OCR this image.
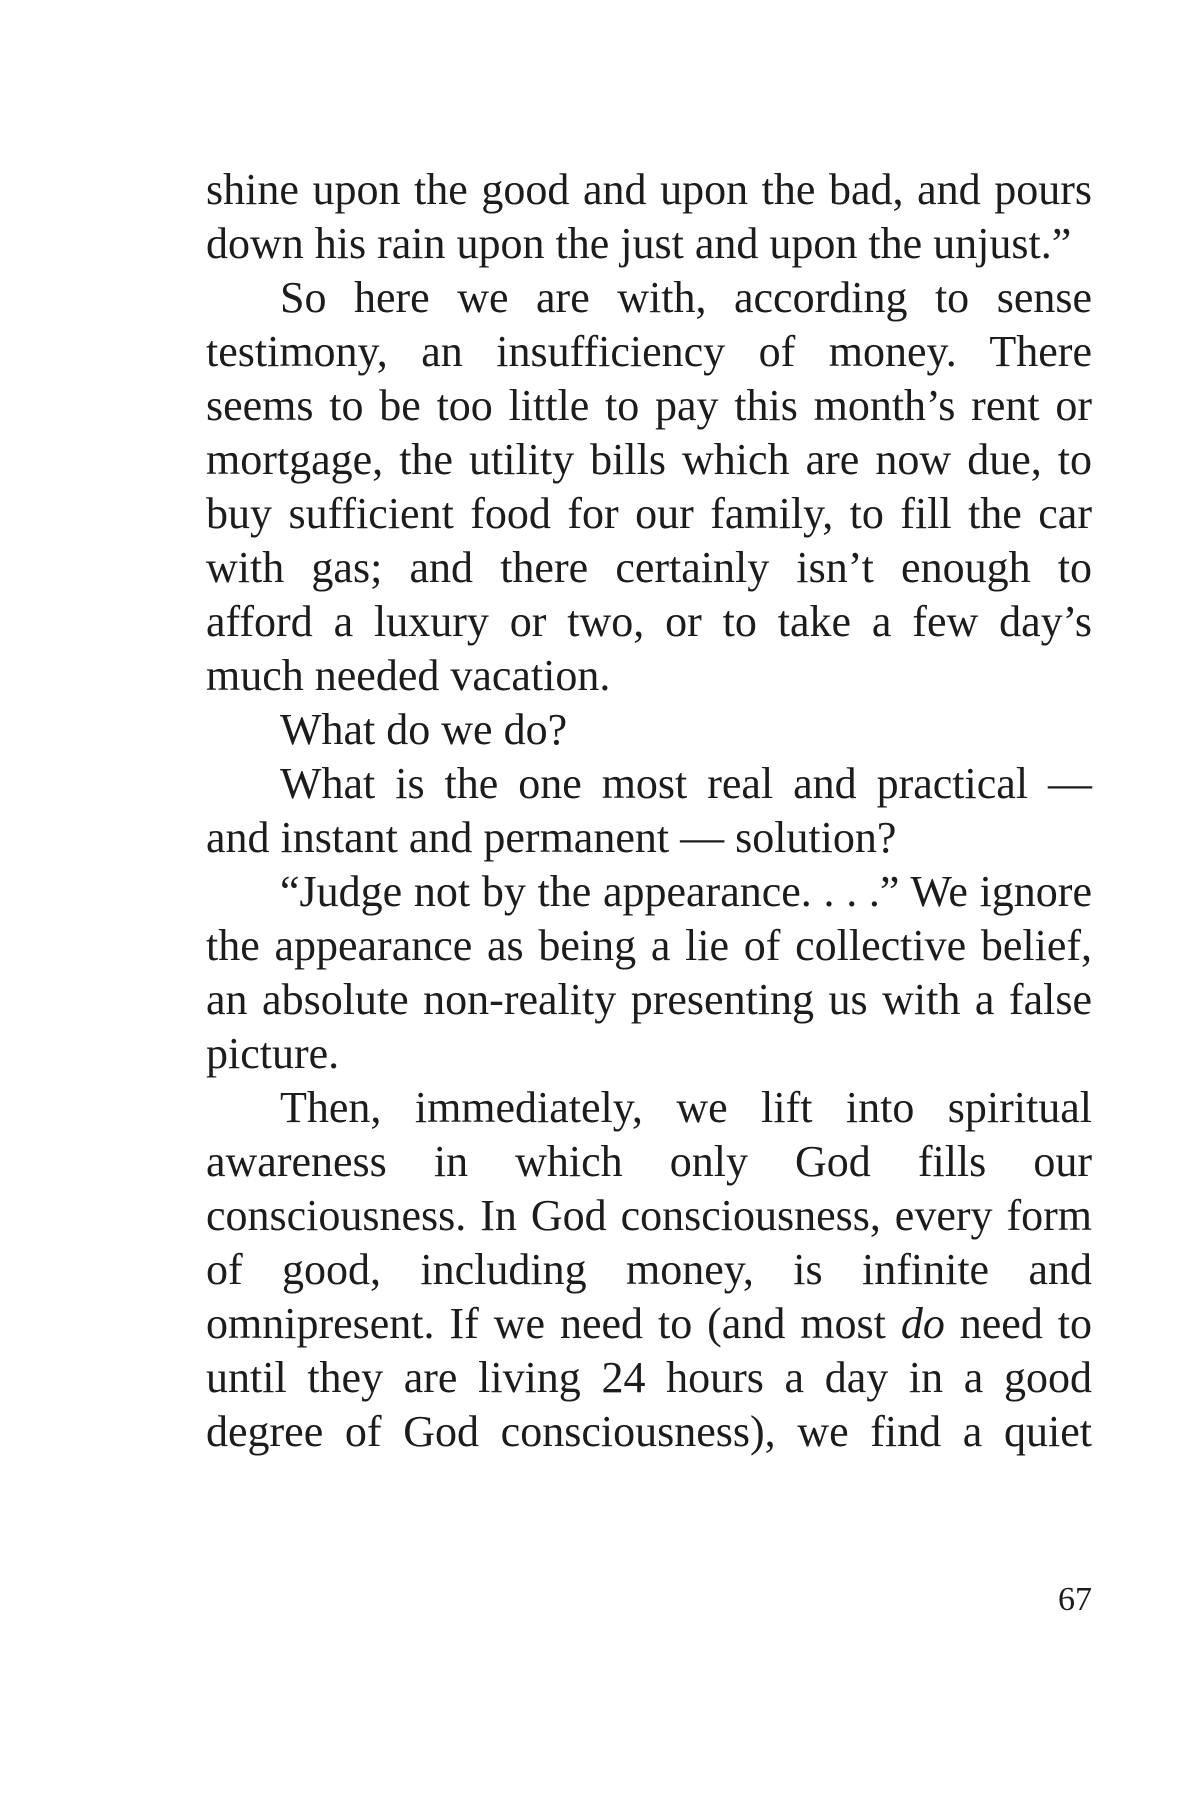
shine upon the good and upon the bad, and pours down his rain upon the just and upon the unjust.”

So here we are with, according to sense testimony, an insufficiency of money. There seems to be too little to pay this month’s rent or mortgage, the utility bills which are now due, to buy sufficient food for our family, to fill the car with gas; and there certainly isn’t enough to afford a luxury or two, or to take a few day’s much needed vacation.

What do we do?

What is the one most real and practical — and instant and permanent — solution?

“Judge not by the appearance. . . .” We ignore the appearance as being a lie of collective belief, an absolute non-reality presenting us with a false picture.

Then, immediately, we lift into spiritual awareness in which only God fills our consciousness. In God consciousness, every form of good, including money, is infinite and omnipresent. If we need to (and most do need to until they are living 24 hours a day in a good degree of God consciousness), we find a quiet

67
